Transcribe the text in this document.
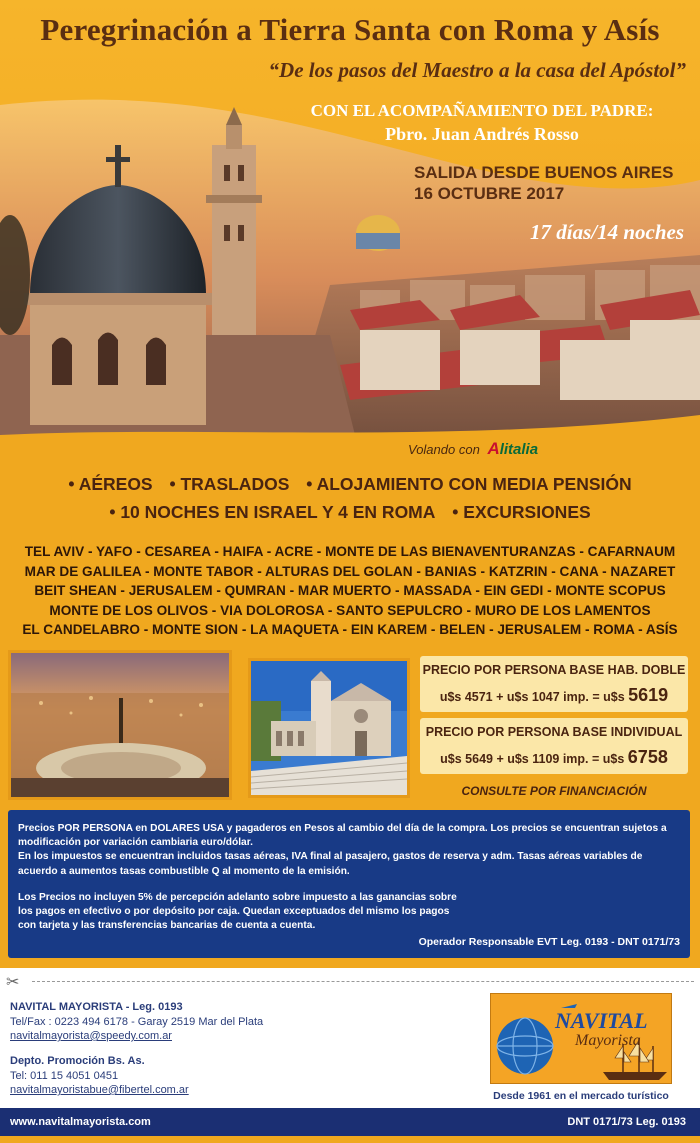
Peregrinación a Tierra Santa con Roma y Asís
“De los pasos del Maestro a la casa del Apóstol”
CON EL ACOMPAÑAMIENTO DEL PADRE:
Pbro. Juan Andrés Rosso
SALIDA DESDE BUENOS AIRES
16 OCTUBRE 2017
17 días/14 noches
Volando con Alitalia
• AÉREOS • TRASLADOS • ALOJAMIENTO CON MEDIA PENSIÓN
• 10 NOCHES EN ISRAEL Y 4 EN ROMA • EXCURSIONES
TEL AVIV - YAFO - CESAREA - HAIFA - ACRE - MONTE DE LAS BIENAVENTURANZAS - CAFARNAUM
MAR DE GALILEA - MONTE TABOR - ALTURAS DEL GOLAN - BANIAS - KATZRIN - CANA - NAZARET
BEIT SHEAN - JERUSALEM - QUMRAN - MAR MUERTO - MASSADA - EIN GEDI - MONTE SCOPUS
MONTE DE LOS OLIVOS - VIA DOLOROSA - SANTO SEPULCRO - MURO DE LOS LAMENTOS
EL CANDELABRO - MONTE SION - LA MAQUETA - EIN KAREM - BELEN - JERUSALEM - ROMA - ASÍS
PRECIO POR PERSONA BASE HAB. DOBLE
u$s 4571 + u$s 1047 imp. = u$s 5619
PRECIO POR PERSONA BASE INDIVIDUAL
u$s 5649 + u$s 1109 imp. = u$s 6758
CONSULTE POR FINANCIACIÓN

Precios POR PERSONA en DOLARES USA y pagaderos en Pesos al cambio del día de la compra. Los precios se encuentran sujetos a modificación por variación cambiaria euro/dólar.

En los impuestos se encuentran incluidos tasas aéreas, IVA final al pasajero, gastos de reserva y adm. Tasas aéreas variables de acuerdo a aumentos tasas combustible Q al momento de la emisión.

Los Precios no incluyen 5% de percepción adelanto sobre impuesto a las ganancias sobre los pagos en efectivo o por depósito por caja. Quedan exceptuados del mismo los pagos con tarjeta y las transferencias bancarias de cuenta a cuenta.

Operador Responsable EVT Leg. 0193 - DNT 0171/73
✂
NAVITAL MAYORISTA - Leg. 0193
Tel/Fax : 0223 494 6178 - Garay 2519 Mar del Plata
navitalmayorista@speedy.com.ar
Depto. Promoción Bs. As.
Tel: 011 15 4051 0451
navitalmayoristabue@fibertel.com.ar
NAVITAL
Mayorista
Desde 1961 en el mercado turístico
www.navitalmayorista.com	DNT 0171/73 Leg. 0193
